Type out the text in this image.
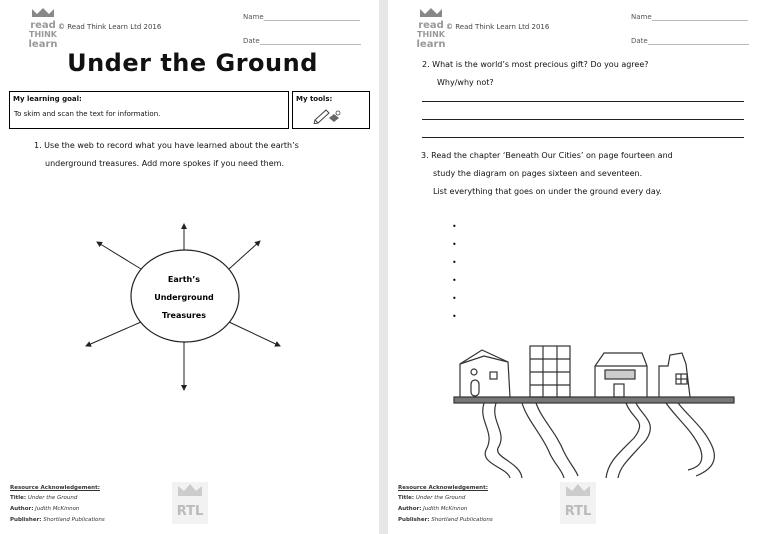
read
THINK
learn
© Read Think Learn Ltd 2016
Name
Date
Under the Ground
My learning goal:
To skim and scan the text for information.
My tools:
1. Use the web to record what you have learned about the earth’s
underground treasures. Add more spokes if you need them.
Earth’s
Underground
Treasures
Resource Acknowledgement:
Title: Under the Ground
Author: Judith McKinnon
Publisher: Shortland Publications
RTL
read
THINK
learn
© Read Think Learn Ltd 2016
Name
Date
2. What is the world’s most precious gift? Do you agree?
Why/why not?
3. Read the chapter ‘Beneath Our Cities’ on page fourteen and
study the diagram on pages sixteen and seventeen.
List everything that goes on under the ground every day.
•
•
•
•
•
•
Resource Acknowledgement:
Title: Under the Ground
Author: Judith McKinnon
Publisher: Shortland Publications
RTL
